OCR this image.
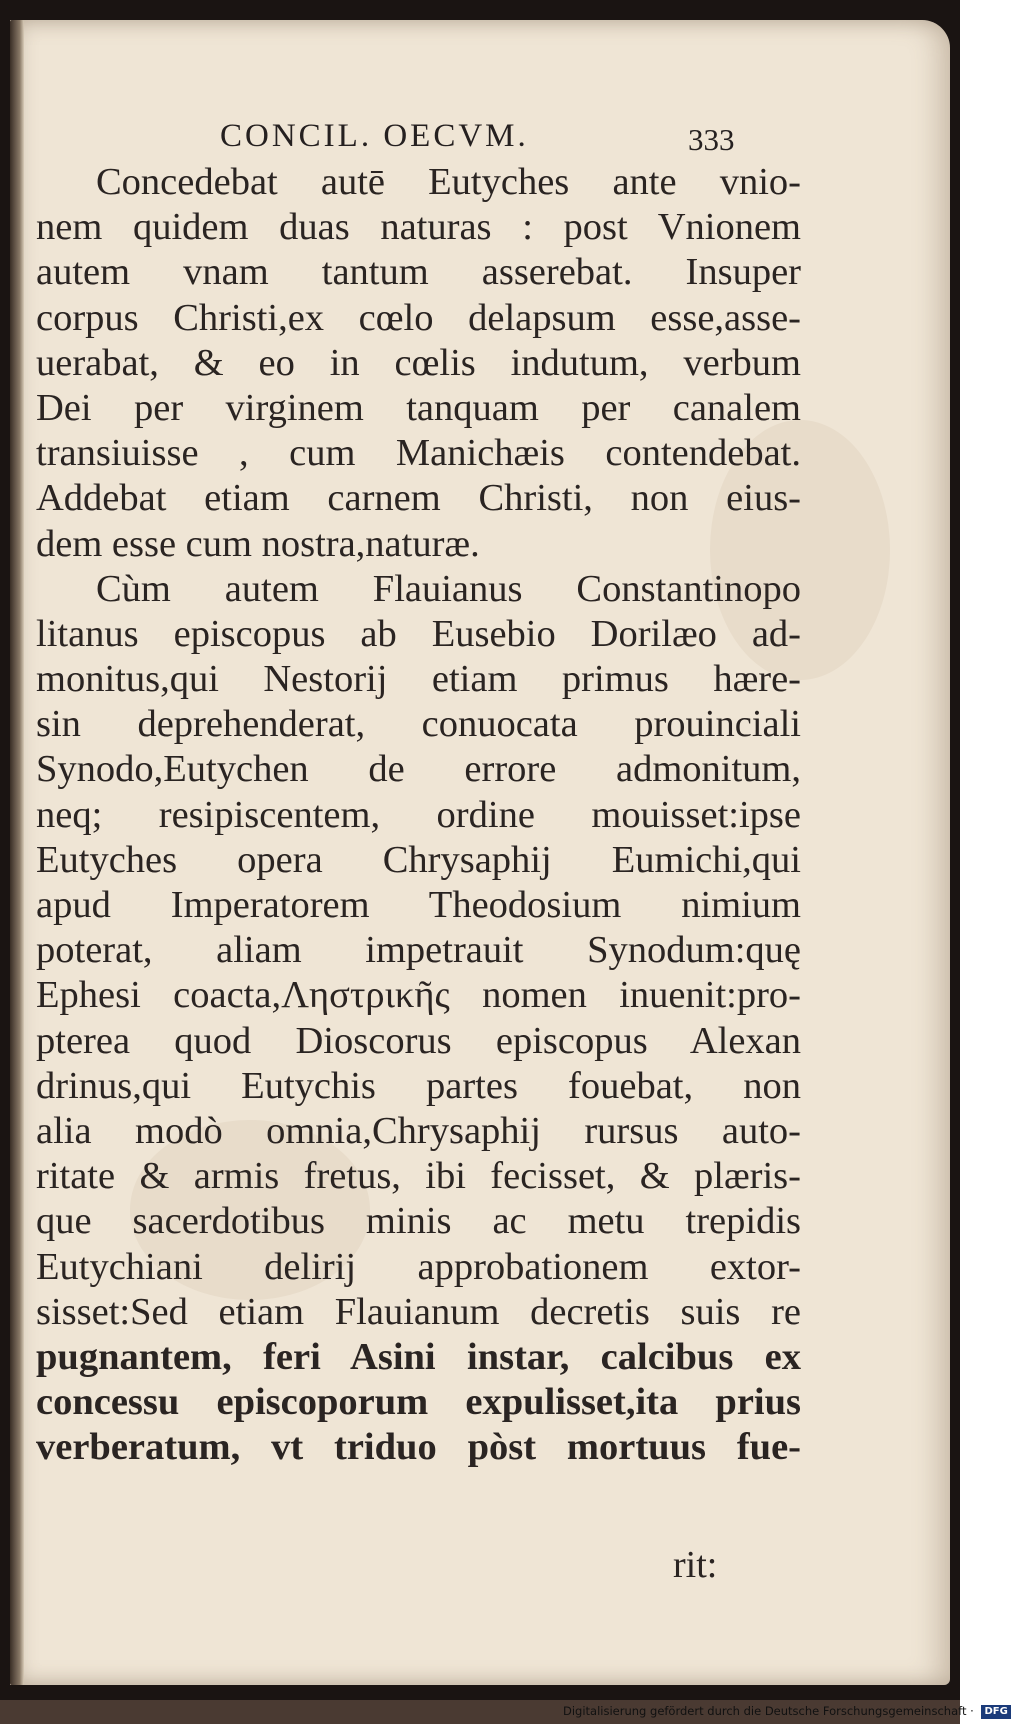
CONCIL. OECVM.	333
Concedebat autē Eutyches ante vnio-
nem quidem duas naturas : post Vnionem
autem vnam tantum asserebat. Insuper
corpus Christi,ex cœlo delapsum esse,asse-
uerabat, & eo in cœlis indutum, verbum
Dei per virginem tanquam per canalem
transiuisse , cum Manichæis contendebat.
Addebat etiam carnem Christi, non eius-
dem esse cum nostra,naturæ.
Cùm autem Flauianus Constantinopo
litanus episcopus ab Eusebio Dorilæo ad-
monitus,qui Nestorij etiam primus hære-
sin deprehenderat, conuocata prouinciali
Synodo,Eutychen de errore admonitum,
neq; resipiscentem, ordine mouisset:ipse
Eutyches opera Chrysaphij Eumichi,qui
apud Imperatorem Theodosium nimium
poterat, aliam impetrauit Synodum:quę
Ephesi coacta,Ληστρικῆς nomen inuenit:pro-
pterea quod Dioscorus episcopus Alexan
drinus,qui Eutychis partes fouebat, non
alia modò omnia,Chrysaphij rursus auto-
ritate & armis fretus, ibi fecisset, & plæris-
que sacerdotibus minis ac metu trepidis
Eutychiani delirij approbationem extor-
sisset:Sed etiam Flauianum decretis suis re
pugnantem, feri Asini instar, calcibus ex
concessu episcoporum expulisset,ita prius
verberatum, vt triduo pòst mortuus fue-
rit:
Digitalisierung gefördert durch die Deutsche Forschungsgemeinschaft · DFG
